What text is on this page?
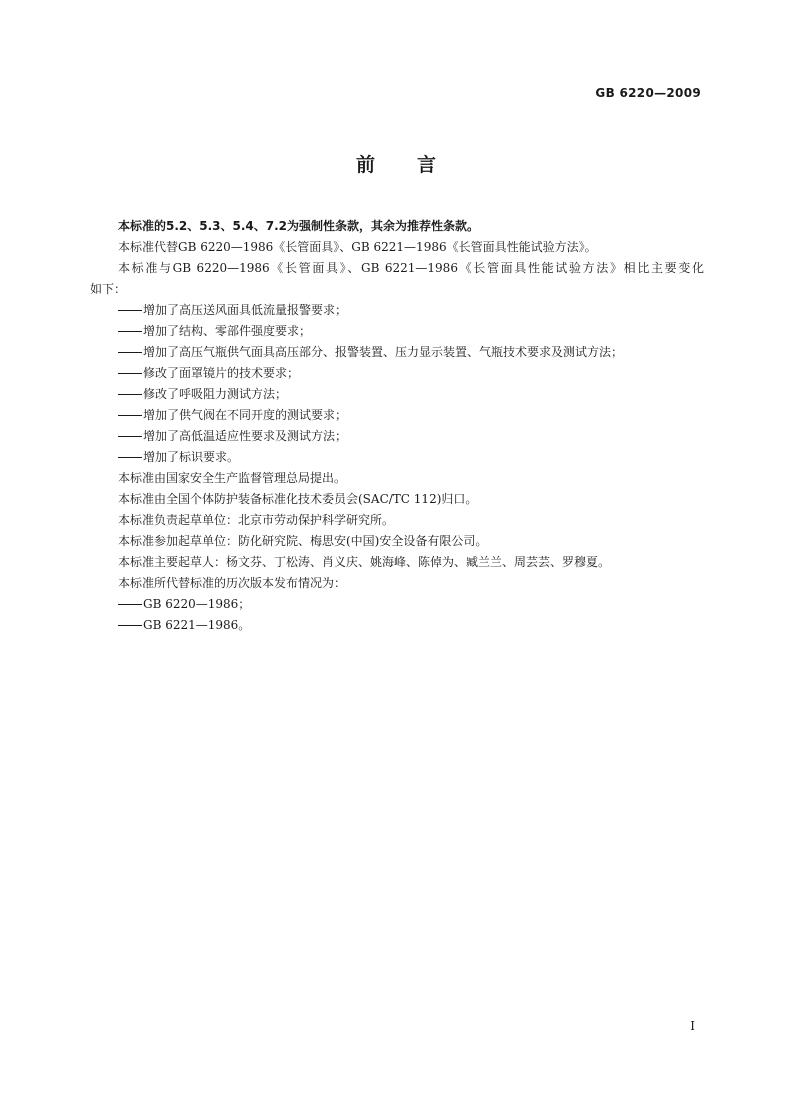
GB 6220—2009
前言

本标准的5.2、5.3、5.4、7.2为强制性条款，其余为推荐性条款。

本标准代替GB 6220—1986《长管面具》、GB 6221—1986《长管面具性能试验方法》。

本标准与GB 6220—1986《长管面具》、GB 6221—1986《长管面具性能试验方法》相比主要变化

如下：

增加了高压送风面具低流量报警要求；

增加了结构、零部件强度要求；

增加了高压气瓶供气面具高压部分、报警装置、压力显示装置、气瓶技术要求及测试方法；

修改了面罩镜片的技术要求；

修改了呼吸阻力测试方法；

增加了供气阀在不同开度的测试要求；

增加了高低温适应性要求及测试方法；

增加了标识要求。

本标准由国家安全生产监督管理总局提出。

本标准由全国个体防护装备标准化技术委员会(SAC/TC 112)归口。

本标准负责起草单位：北京市劳动保护科学研究所。

本标准参加起草单位：防化研究院、梅思安(中国)安全设备有限公司。

本标准主要起草人：杨文芬、丁松涛、肖义庆、姚海峰、陈倬为、臧兰兰、周芸芸、罗穆夏。

本标准所代替标准的历次版本发布情况为：

GB 6220—1986；

GB 6221—1986。

I
